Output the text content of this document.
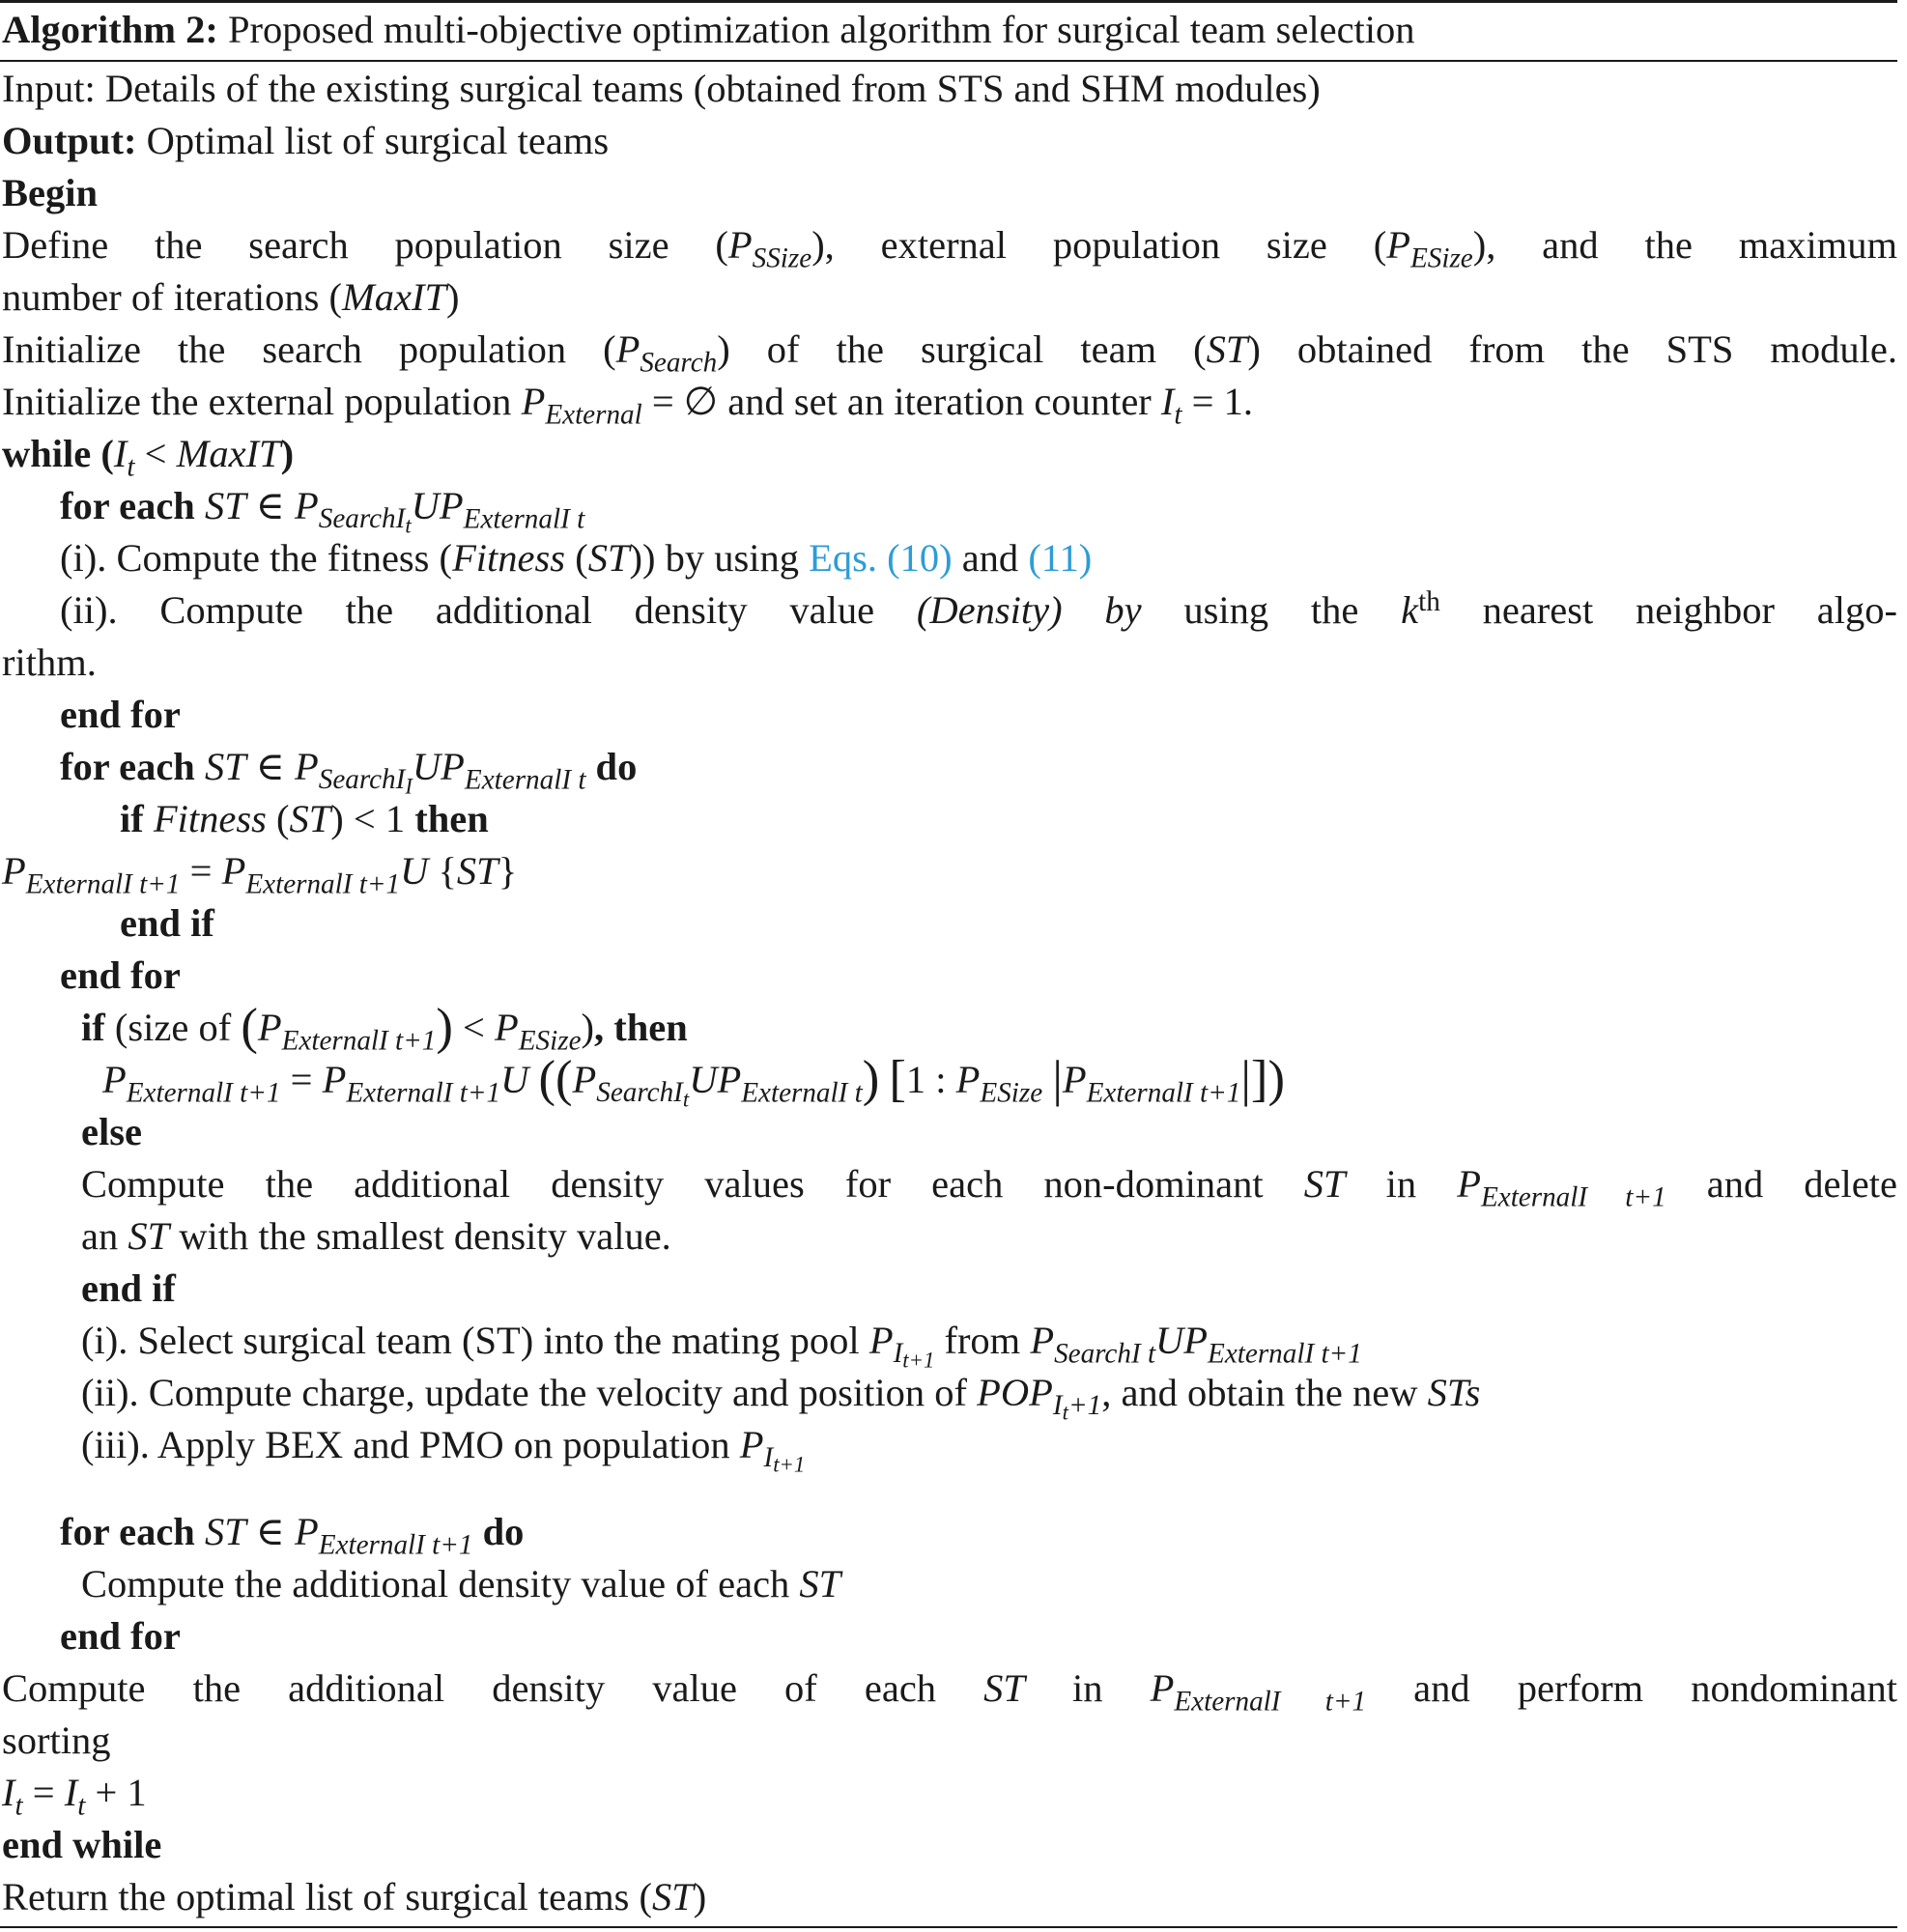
Algorithm 2: Proposed multi-objective optimization algorithm for surgical team selection
Input: Details of the existing surgical teams (obtained from STS and SHM modules)
Output: Optimal list of surgical teams
Begin
Define the search population size $(P_{SSize})$, external population size $(P_{ESize})$, and the maximum
number of iterations (MaxIT)
Initialize the search population $(P_{Search})$ of the surgical team (ST) obtained from the STS module.
Initialize the external population $P_{External}$ = ∅ and set an iteration counter $I_t = 1$.
while ($I_t$ < MaxIT)
for each ST ∈ $P_{SearchI_t}UP_{ExternalI t}$
(i). Compute the fitness (Fitness (ST)) by using Eqs. (10) and (11)
(ii). Compute the additional density value (Density) by using the $k^{th}$ nearest neighbor algo-
rithm.
end for
for each ST ∈ $P_{SearchI_I}UP_{ExternalI t}$ do
if Fitness (ST) < 1 then
$P_{ExternalI t+1} = P_{ExternalI t+1}U$ {ST}
end if
end for
if (size of $(P_{ExternalI t+1}) < P_{ESize}$), then
$P_{ExternalI t+1} = P_{ExternalI t+1}U$ ($(P_{SearchI_t}UP_{ExternalI t})$ [1 : $P_{ESize}$ $|P_{ExternalI t+1}|$])
else
Compute the additional density values for each non-dominant ST in $P_{ExternalI t+1}$ and delete
an ST with the smallest density value.
end if
(i). Select surgical team (ST) into the mating pool $P_{I_{t+1}}$ from $P_{SearchI t}UP_{ExternalI t+1}$
(ii). Compute charge, update the velocity and position of $POP_{I_t+1}$, and obtain the new STs
(iii). Apply BEX and PMO on population $P_{I_{t+1}}$
for each ST ∈ $P_{ExternalI t+1}$ do
Compute the additional density value of each ST
end for
Compute the additional density value of each ST in $P_{ExternalI t+1}$ and perform nondominant
sorting
$I_t = I_t + 1$
end while
Return the optimal list of surgical teams (ST)
